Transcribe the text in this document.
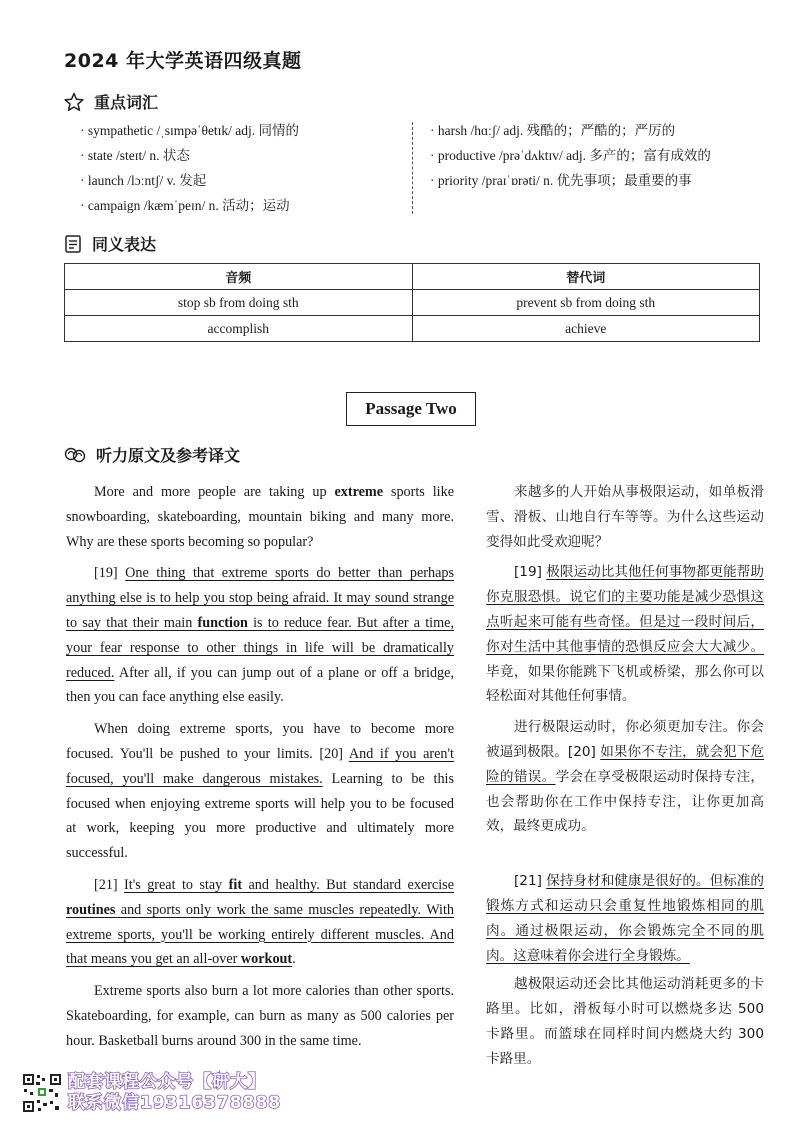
2024 年大学英语四级真题
重点词汇
· sympathetic /ˌsɪmpəˈθetɪk/ adj. 同情的
· state /steɪt/ n. 状态
· launch /lɔːntʃ/ v. 发起
· campaign /kæmˈpeɪn/ n. 活动；运动
· harsh /hɑːʃ/ adj. 残酷的；严酷的；严厉的
· productive /prəˈdʌktɪv/ adj. 多产的；富有成效的
· priority /praɪˈɒrəti/ n. 优先事项；最重要的事
同义表达
音频	替代词
stop sb from doing sth	prevent sb from doing sth
accomplish	achieve
Passage Two
听力原文及参考译文

More and more people are taking up extreme sports like snowboarding, skateboarding, mountain biking and many more. Why are these sports becoming so popular?

[19] One thing that extreme sports do better than perhaps anything else is to help you stop being afraid. It may sound strange to say that their main function is to reduce fear. But after a time, your fear response to other things in life will be dramatically reduced. After all, if you can jump out of a plane or off a bridge, then you can face anything else easily.

When doing extreme sports, you have to become more focused. You'll be pushed to your limits. [20] And if you aren't focused, you'll make dangerous mistakes. Learning to be this focused when enjoying extreme sports will help you to be focused at work, keeping you more productive and ultimately more successful.

[21] It's great to stay fit and healthy. But standard exercise routines and sports only work the same muscles repeatedly. With extreme sports, you'll be working entirely different muscles. And that means you get an all-over workout.

Extreme sports also burn a lot more calories than other sports. Skateboarding, for example, can burn as many as 500 calories per hour. Basketball burns around 300 in the same time.

来越多的人开始从事极限运动，如单板滑雪、滑板、山地自行车等等。为什么这些运动变得如此受欢迎呢？

[19] 极限运动比其他任何事物都更能帮助你克服恐惧。说它们的主要功能是减少恐惧这点听起来可能有些奇怪。但是过一段时间后，你对生活中其他事情的恐惧反应会大大减少。毕竟，如果你能跳下飞机或桥梁，那么你可以轻松面对其他任何事情。

进行极限运动时，你必须更加专注。你会被逼到极限。[20] 如果你不专注，就会犯下危险的错误。学会在享受极限运动时保持专注，也会帮助你在工作中保持专注，让你更加高效，最终更成功。

[21] 保持身材和健康是很好的。但标准的锻炼方式和运动只会重复性地锻炼相同的肌肉。通过极限运动，你会锻炼完全不同的肌肉。这意味着你会进行全身锻炼。

越极限运动还会比其他运动消耗更多的卡路里。比如，滑板每小时可以燃烧多达 500 卡路里。而篮球在同样时间内燃烧大约 300 卡路里。

配套课程公众号【研大】
联系微信19316378888
